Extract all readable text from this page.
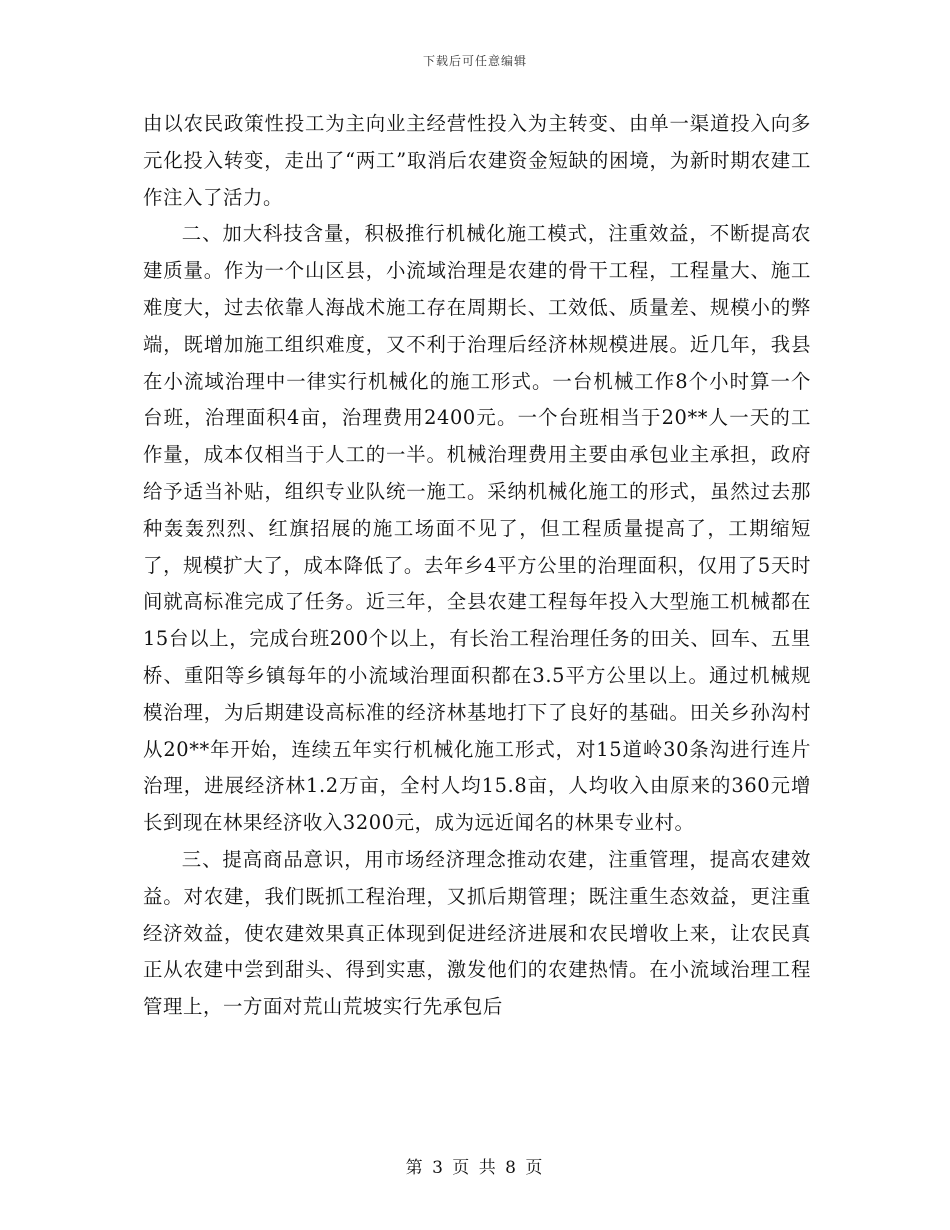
下载后可任意编辑

由以农民政策性投工为主向业主经营性投入为主转变、由单一渠道投入向多元化投入转变，走出了“两工”取消后农建资金短缺的困境，为新时期农建工作注入了活力。

二、加大科技含量，积极推行机械化施工模式，注重效益，不断提高农建质量。作为一个山区县，小流域治理是农建的骨干工程，工程量大、施工难度大，过去依靠人海战术施工存在周期长、工效低、质量差、规模小的弊端，既增加施工组织难度，又不利于治理后经济林规模进展。近几年，我县在小流域治理中一律实行机械化的施工形式。一台机械工作8个小时算一个台班，治理面积4亩，治理费用2400元。一个台班相当于20**人一天的工作量，成本仅相当于人工的一半。机械治理费用主要由承包业主承担，政府给予适当补贴，组织专业队统一施工。采纳机械化施工的形式，虽然过去那种轰轰烈烈、红旗招展的施工场面不见了，但工程质量提高了，工期缩短了，规模扩大了，成本降低了。去年乡4平方公里的治理面积，仅用了5天时间就高标准完成了任务。近三年，全县农建工程每年投入大型施工机械都在15台以上，完成台班200个以上，有长治工程治理任务的田关、回车、五里桥、重阳等乡镇每年的小流域治理面积都在3.5平方公里以上。通过机械规模治理，为后期建设高标准的经济林基地打下了良好的基础。田关乡孙沟村从20**年开始，连续五年实行机械化施工形式，对15道岭30条沟进行连片治理，进展经济林1.2万亩，全村人均15.8亩，人均收入由原来的360元增长到现在林果经济收入3200元，成为远近闻名的林果专业村。

三、提高商品意识，用市场经济理念推动农建，注重管理，提高农建效益。对农建，我们既抓工程治理，又抓后期管理；既注重生态效益，更注重经济效益，使农建效果真正体现到促进经济进展和农民增收上来，让农民真正从农建中尝到甜头、得到实惠，激发他们的农建热情。在小流域治理工程管理上，一方面对荒山荒坡实行先承包后

第 3 页 共 8 页
